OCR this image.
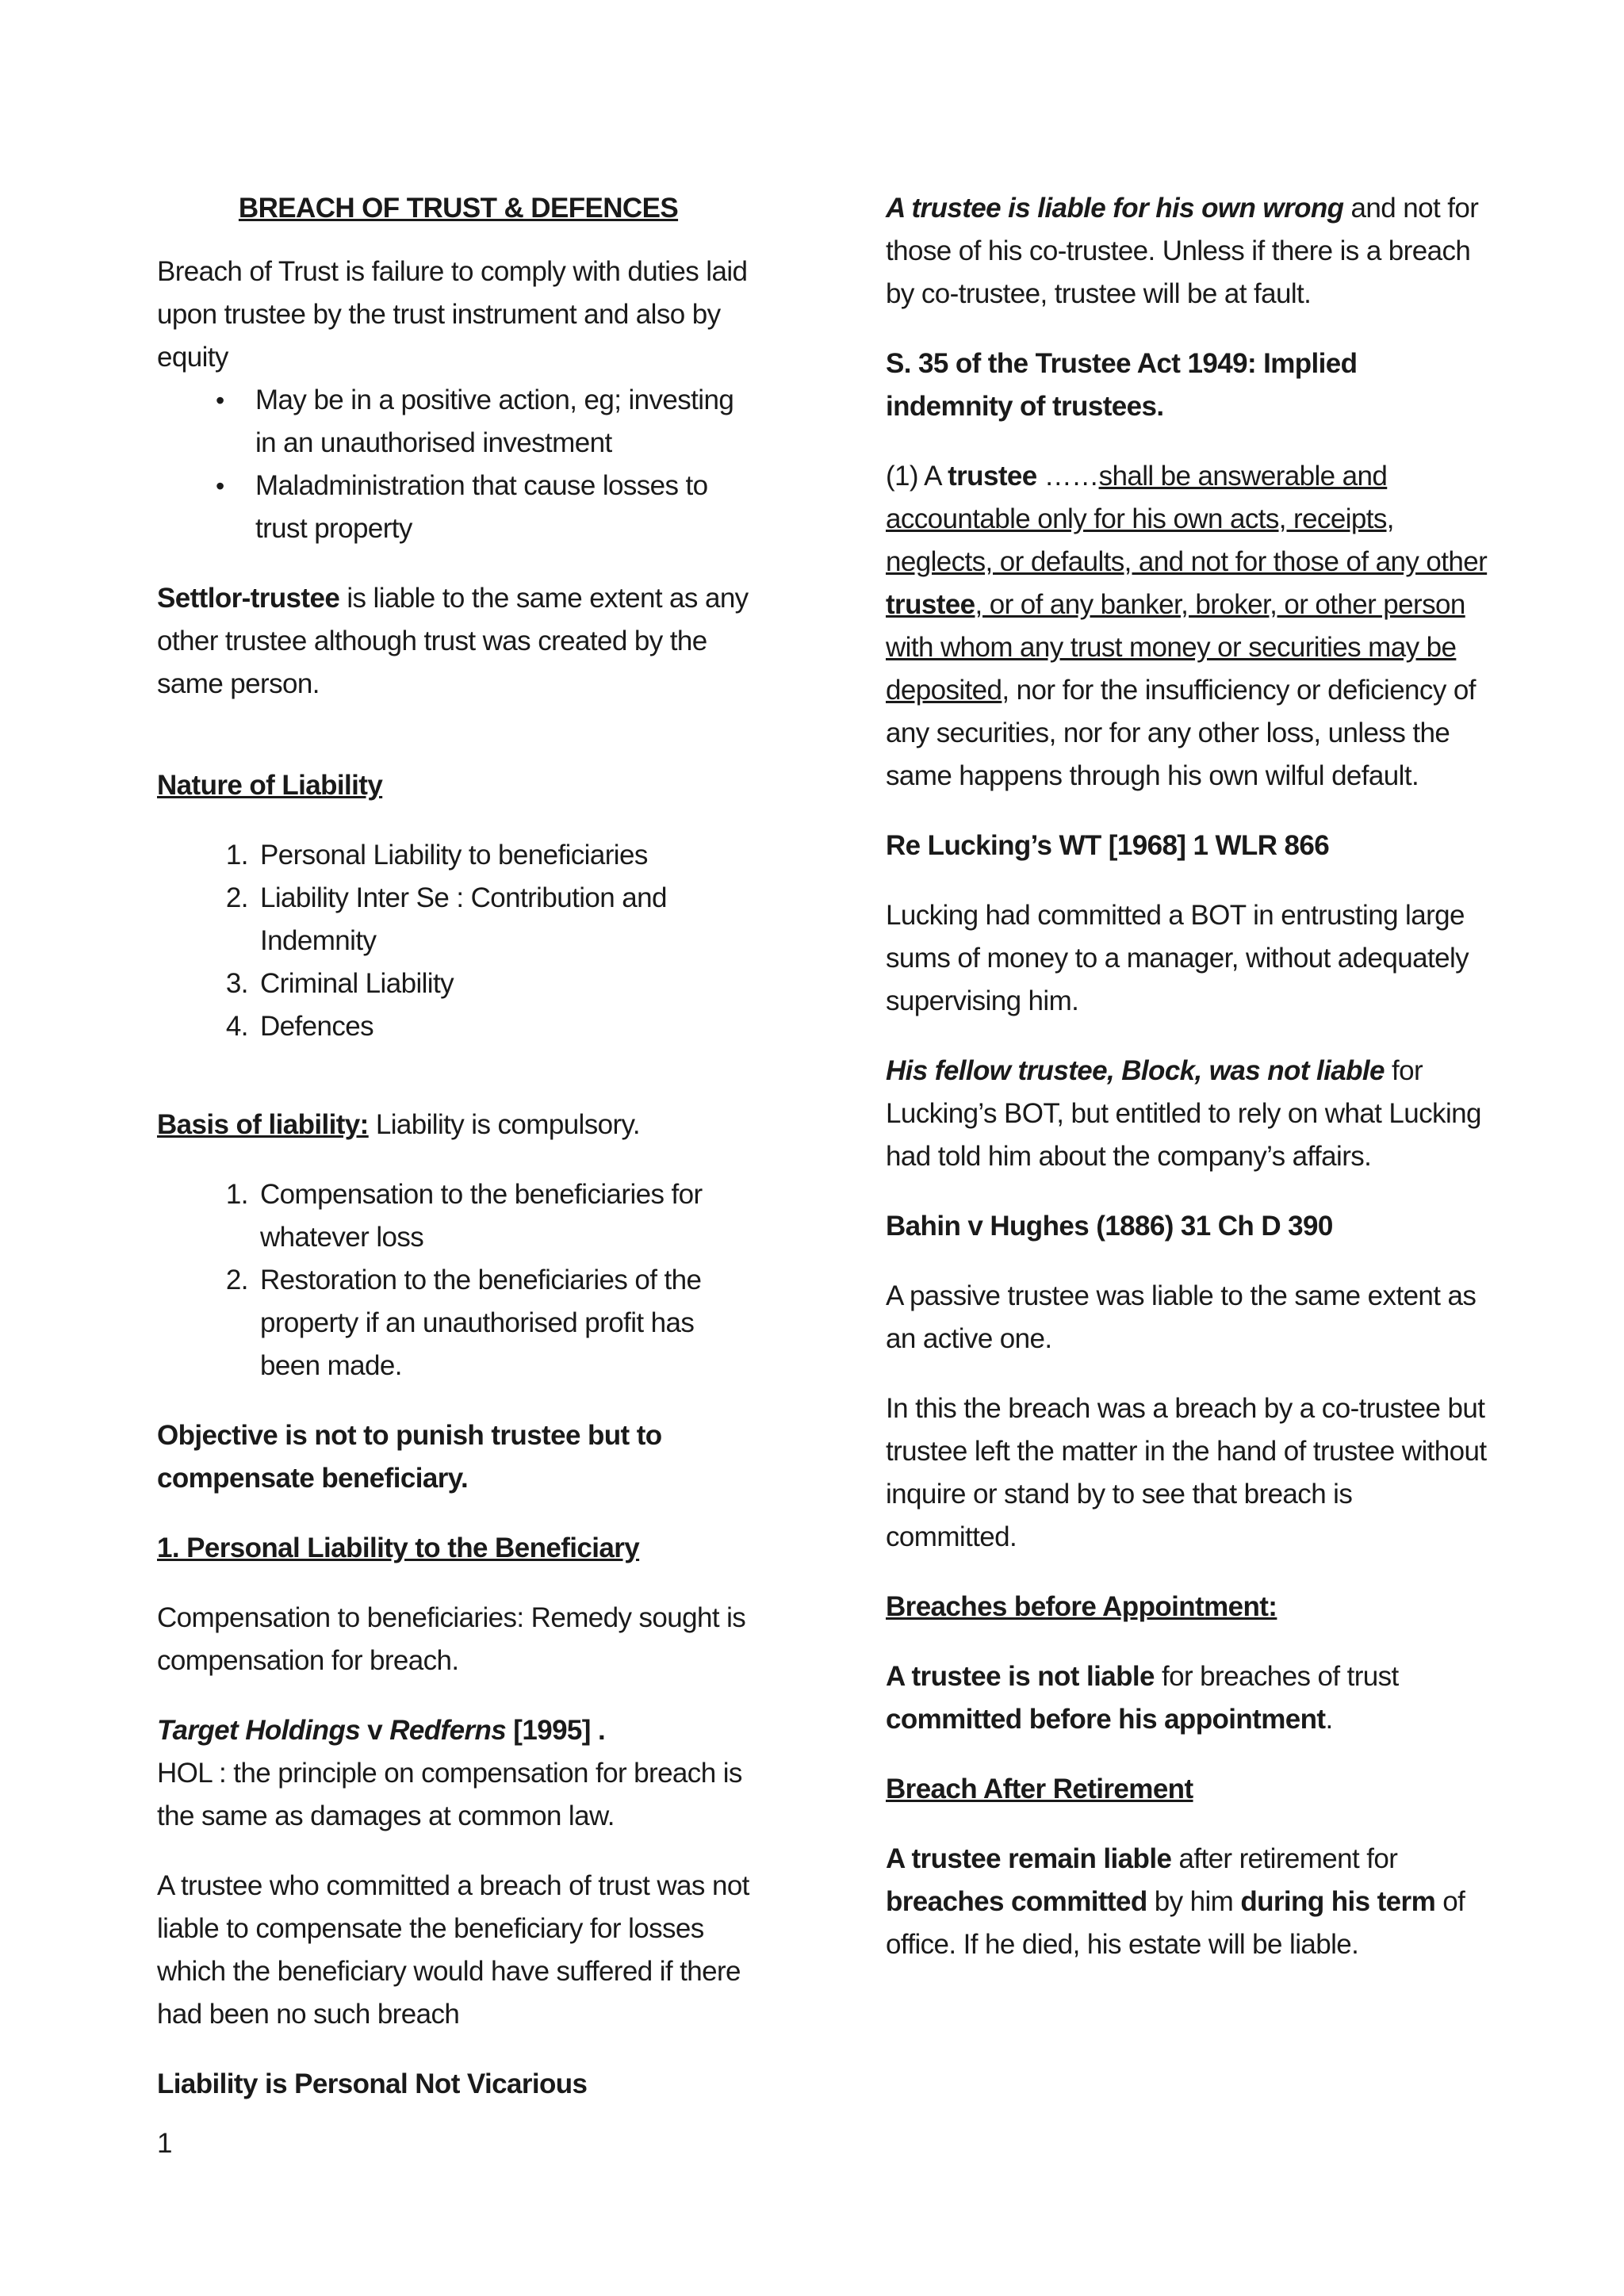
BREACH OF TRUST & DEFENCES

Breach of Trust is failure to comply with duties laid upon trustee by the trust instrument and also by equity

• May be in a positive action, eg; investing in an unauthorised investment
• Maladministration that cause losses to trust property

Settlor-trustee is liable to the same extent as any other trustee although trust was created by the same person.

Nature of Liability

1. Personal Liability to beneficiaries
2. Liability Inter Se : Contribution and Indemnity
3. Criminal Liability
4. Defences

Basis of liability: Liability is compulsory.

1. Compensation to the beneficiaries for whatever loss
2. Restoration to the beneficiaries of the property if an unauthorised profit has been made.

Objective is not to punish trustee but to compensate beneficiary.

1. Personal Liability to the Beneficiary

Compensation to beneficiaries: Remedy sought is compensation for breach.

Target Holdings v Redferns [1995] .
HOL : the principle on compensation for breach is the same as damages at common law.

A trustee who committed a breach of trust was not liable to compensate the beneficiary for losses which the beneficiary would have suffered if there had been no such breach

Liability is Personal Not Vicarious

A trustee is liable for his own wrong and not for those of his co-trustee. Unless if there is a breach by co-trustee, trustee will be at fault.

S. 35 of the Trustee Act 1949: Implied indemnity of trustees.

(1) A trustee ……shall be answerable and accountable only for his own acts, receipts, neglects, or defaults, and not for those of any other trustee, or of any banker, broker, or other person with whom any trust money or securities may be deposited, nor for the insufficiency or deficiency of any securities, nor for any other loss, unless the same happens through his own wilful default.

Re Lucking’s WT [1968] 1 WLR 866

Lucking had committed a BOT in entrusting large sums of money to a manager, without adequately supervising him.

His fellow trustee, Block, was not liable for Lucking’s BOT, but entitled to rely on what Lucking had told him about the company’s affairs.

Bahin v Hughes (1886) 31 Ch D 390

A passive trustee was liable to the same extent as an active one.

In this the breach was a breach by a co-trustee but trustee left the matter in the hand of trustee without inquire or stand by to see that breach is committed.

Breaches before Appointment:

A trustee is not liable for breaches of trust committed before his appointment.

Breach After Retirement

A trustee remain liable after retirement for breaches committed by him during his term of office. If he died, his estate will be liable.

1
